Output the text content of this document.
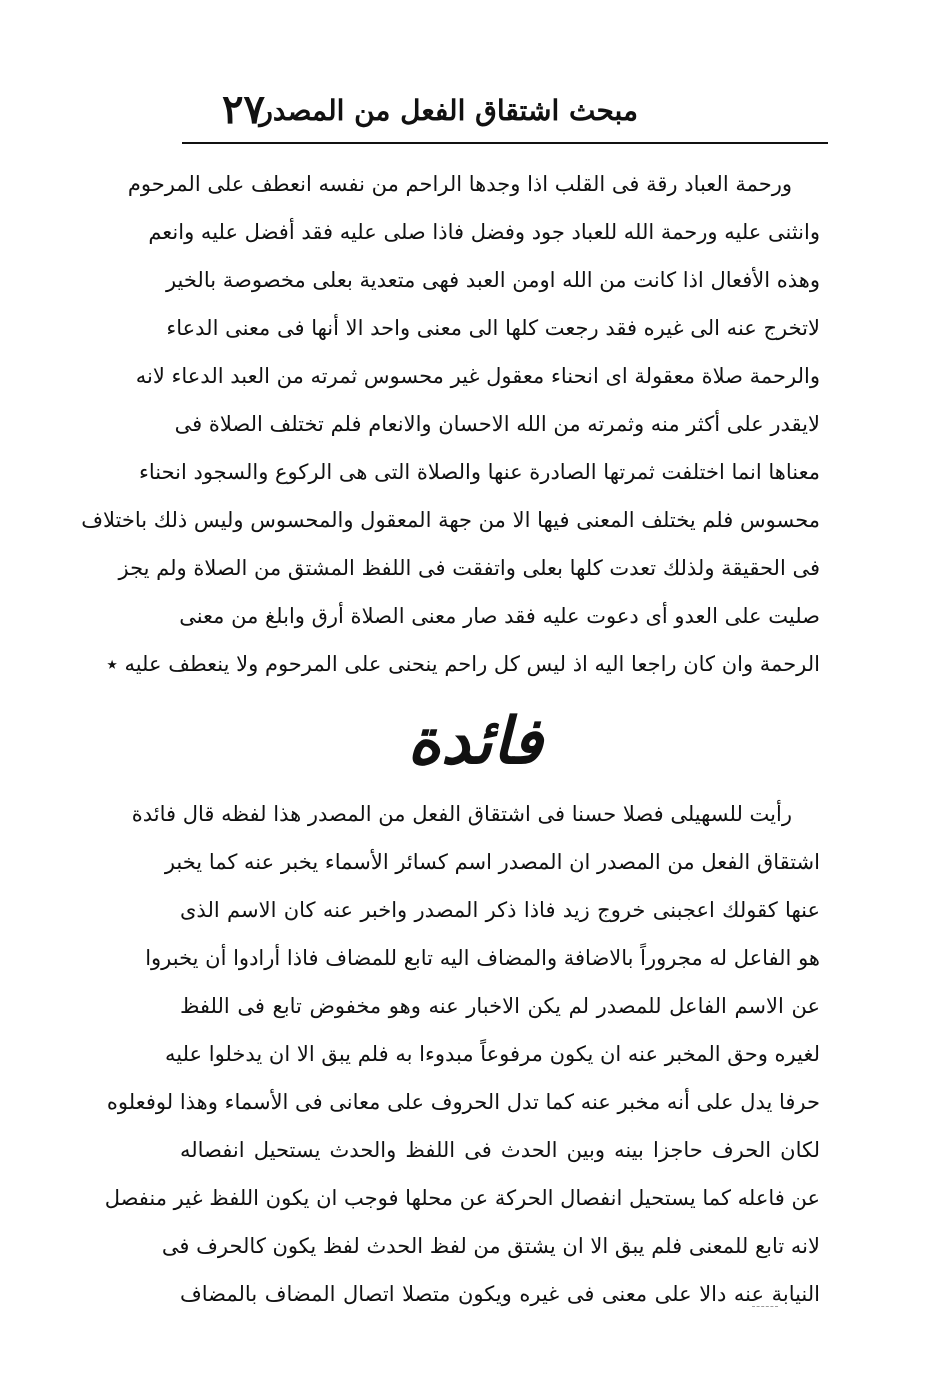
مبحث اشتقاق الفعل من المصدر
٢٧
ورحمة العباد رقة فى القلب اذا وجدها الراحم من نفسه انعطف على المرحوم
وانثنى عليه ورحمة الله للعباد جود وفضل فاذا صلى عليه فقد أفضل عليه وانعم
وهذه الأفعال اذا كانت من الله اومن العبد فهى متعدية بعلى مخصوصة بالخير
لاتخرج عنه الى غيره فقد رجعت كلها الى معنى واحد الا أنها فى معنى الدعاء
والرحمة صلاة معقولة اى انحناء معقول غير محسوس ثمرته من العبد الدعاء لانه
لايقدر على أكثر منه وثمرته من الله الاحسان والانعام فلم تختلف الصلاة فى
معناها انما اختلفت ثمرتها الصادرة عنها والصلاة التى هى الركوع والسجود انحناء
محسوس فلم يختلف المعنى فيها الا من جهة المعقول والمحسوس وليس ذلك باختلاف
فى الحقيقة ولذلك تعدت كلها بعلى واتفقت فى اللفظ المشتق من الصلاة ولم يجز
صليت على العدو أى دعوت عليه فقد صار معنى الصلاة أرق وابلغ من معنى
الرحمة وان كان راجعا اليه اذ ليس كل راحم ينحنى على المرحوم ولا ينعطف عليه ٭
فائدة
رأيت للسهيلى فصلا حسنا فى اشتقاق الفعل من المصدر هذا لفظه قال فائدة
اشتقاق الفعل من المصدر ان المصدر اسم كسائر الأسماء يخبر عنه كما يخبر
عنها كقولك اعجبنى خروج زيد فاذا ذكر المصدر واخبر عنه كان الاسم الذى
هو الفاعل له مجروراً بالاضافة والمضاف اليه تابع للمضاف فاذا أرادوا أن يخبروا
عن الاسم الفاعل للمصدر لم يكن الاخبار عنه وهو مخفوض تابع فى اللفظ
لغيره وحق المخبر عنه ان يكون مرفوعاً مبدوءا به فلم يبق الا ان يدخلوا عليه
حرفا يدل على أنه مخبر عنه كما تدل الحروف على معانى فى الأسماء وهذا لوفعلوه
لكان الحرف حاجزا بينه وبين الحدث فى اللفظ والحدث يستحيل انفصاله
عن فاعله كما يستحيل انفصال الحركة عن محلها فوجب ان يكون اللفظ غير منفصل
لانه تابع للمعنى فلم يبق الا ان يشتق من لفظ الحدث لفظ يكون كالحرف فى
النيابة عنه دالا على معنى فى غيره ويكون متصلا اتصال المضاف بالمضاف
